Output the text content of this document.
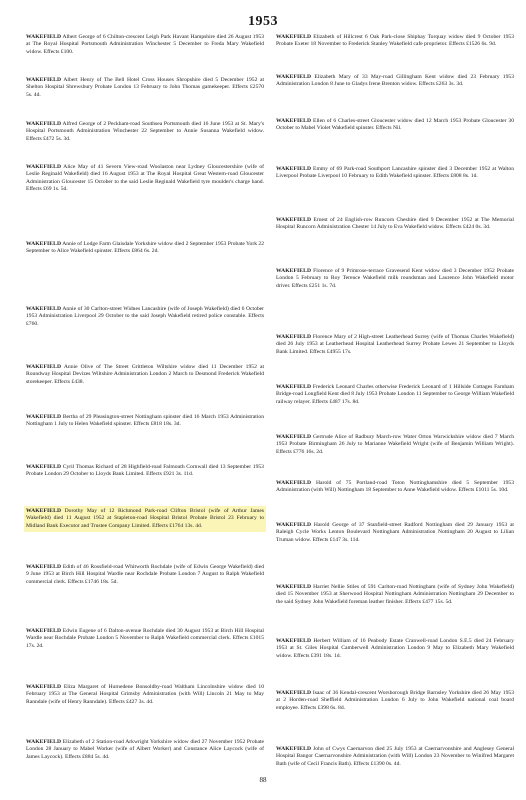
1953
WAKEFIELD Albert George of 6 Chilton-crescent Leigh Park Havant Hampshire died 26 August 1953 at The Royal Hospital Portsmouth Administration Winchester 5 December to Freda Mary Wakefield widow. Effects £100.
WAKEFIELD Albert Henry of The Bell Hotel Cross Houses Shropshire died 5 December 1952 at Shelton Hospital Shrewsbury Probate London 13 February to John Thomas gamekeeper. Effects £2570 5s. 4d.
WAKEFIELD Alfred George of 2 Peckham-road Southsea Portsmouth died 16 June 1953 at St. Mary's Hospital Portsmouth Administration Winchester 22 September to Annie Susanna Wakefield widow. Effects £472 5s. 3d.
WAKEFIELD Alice May of 41 Severn View-road Woolaston near Lydney Gloucestershire (wife of Leslie Reginald Wakefield) died 16 August 1953 at The Royal Hospital Great Western-road Gloucester Administration Gloucester 15 October to the said Leslie Reginald Wakefield tyre moulder's charge hand. Effects £69 1s. 5d.
WAKEFIELD Annie of Lodge Farm Glaisdale Yorkshire widow died 2 September 1953 Probate York 22 September to Alice Wakefield spinster. Effects £864 6s. 2d.
WAKEFIELD Annie of 30 Carlton-street Widnes Lancashire (wife of Joseph Wakefield) died 6 October 1953 Administration Liverpool 29 October to the said Joseph Wakefield retired police constable. Effects £760.
WAKEFIELD Annie Olive of The Street Grittleton Wiltshire widow died 11 December 1952 at Roundway Hospital Devizes Wiltshire Administration London 2 March to Desmond Frederick Wakefield storekeeper. Effects £438.
WAKEFIELD Bertha of 29 Pleasington-street Nottingham spinster died 16 March 1953 Administration Nottingham 1 July to Helen Wakefield spinster. Effects £818 18s. 3d.
WAKEFIELD Cyril Thomas Richard of 28 Highfield-road Falmouth Cornwall died 13 September 1953 Probate London 29 October to Lloyds Bank Limited. Effects £921 3s. 11d.
WAKEFIELD Dorothy May of 12 Richmond Park-road Clifton Bristol (wife of Arthur James Wakefield) died 11 August 1952 at Stapleton-road Hospital Bristol Probate Bristol 23 February to Midland Bank Executor and Trustee Company Limited. Effects £1764 13s. 4d.
WAKEFIELD Edith of 46 Rossfield-road Whitworth Rochdale (wife of Edwin George Wakefield) died 9 June 1953 at Birch Hill Hospital Wardle near Rochdale Probate London 7 August to Ralph Wakefield commercial clerk. Effects £1746 18s. 5d.
WAKEFIELD Edwin Eugene of 6 Dalton-avenue Rochdale died 30 August 1953 at Birch Hill Hospital Wardle near Rochdale Probate London 5 November to Ralph Wakefield commercial clerk. Effects £1015 17s. 2d.
WAKEFIELD Eliza Margaret of Hurnedene Bonsoldby-road Waltham Lincolnshire widow died 10 February 1953 at The General Hospital Grimsby Administration (with Will) Lincoln 21 May to May Ranndale (wife of Henry Ranndale). Effects £427 3s. 4d.
WAKEFIELD Elizabeth of 2 Station-road Arkwright Yorkshire widow died 27 November 1952 Probate London 28 January to Mabel Worker (wife of Albert Worker) and Constance Alice Laycock (wife of James Laycock). Effects £884 5s. 4d.
WAKEFIELD Elizabeth of Hillcrest 6 Oak Park-close Shiphay Torquay widow died 9 October 1953 Probate Exeter 18 November to Frederick Stanley Wakefield cafe proprietor. Effects £1526 6s. 9d.
WAKEFIELD Elizabeth Mary of 33 May-road Gillingham Kent widow died 23 February 1953 Administration London 8 June to Gladys Irene Brenton widow. Effects £263 3s. 3d.
WAKEFIELD Ellen of 6 Charles-street Gloucester widow died 12 March 1953 Probate Gloucester 30 October to Mabel Violet Wakefield spinster. Effects Nil.
WAKEFIELD Emmy of 69 Park-road Southport Lancashire spinster died 3 December 1952 at Walton Liverpool Probate Liverpool 10 February to Edith Wakefield spinster. Effects £808 8s. 1d.
WAKEFIELD Ernest of 24 English-row Runcorn Cheshire died 9 December 1952 at The Memorial Hospital Runcorn Administration Chester 14 July to Eva Wakefield widow. Effects £424 0s. 3d.
WAKEFIELD Florence of 9 Primrose-terrace Gravesend Kent widow died 3 December 1952 Probate London 5 February to Roy Terence Wakefield milk roundsman and Laurence John Wakefield motor driver. Effects £251 1s. 7d.
WAKEFIELD Florence Mary of 2 High-street Leatherhead Surrey (wife of Thomas Charles Wakefield) died 26 July 1953 at Leatherhead Hospital Leatherhead Surrey Probate Lewes 21 September to Lloyds Bank Limited. Effects £4955 17s.
WAKEFIELD Frederick Leonard Charles otherwise Frederick Leonard of 1 Hillside Cottages Farnham Bridge-road Longfield Kent died 8 July 1953 Probate London 11 September to George William Wakefield railway relayer. Effects £487 17s. 8d.
WAKEFIELD Gertrude Alice of Radbury March-row Water Orton Warwickshire widow died 7 March 1953 Probate Birmingham 26 July to Marianne Wakefield Wright (wife of Benjamin William Wright). Effects £776 16s. 2d.
WAKEFIELD Harold of 75 Portland-road Toton Nottinghamshire died 5 September 1953 Administration (with Will) Nottingham 18 September to Anne Wakefield widow. Effects £1011 5s. 10d.
WAKEFIELD Harold George of 37 Stanfield-street Radford Nottingham died 29 January 1953 at Raleigh Cycle Works Lenton Boulevard Nottingham Administration Nottingham 20 August to Lilian Truman widow. Effects £147 3s. 11d.
WAKEFIELD Harriet Nellie Stiles of 591 Carlton-road Nottingham (wife of Sydney John Wakefield) died 15 November 1953 at Sherwood Hospital Nottingham Administration Nottingham 29 December to the said Sydney John Wakefield foreman leather finisher. Effects £477 15s. 5d.
WAKEFIELD Herbert William of 16 Peabody Estate Cranwell-road London S.E.5 died 24 February 1953 at St. Giles Hospital Camberwell Administration London 9 May to Elizabeth Mary Wakefield widow. Effects £391 18s. 1d.
WAKEFIELD Isaac of 36 Kendal-crescent Worsborough Bridge Barnsley Yorkshire died 26 May 1953 at 2 Horden-road Sheffield Administration London 6 July to John Wakefield national coal board employee. Effects £398 6s. 8d.
WAKEFIELD John of Cwys Caernarvon died 25 July 1953 at Caernarvonshire and Anglesey General Hospital Bangor Caernarvonshire Administration (with Will) London 23 November to Winifred Margaret Bath (wife of Cecil Francis Bath). Effects £1390 0s. 4d.
88
